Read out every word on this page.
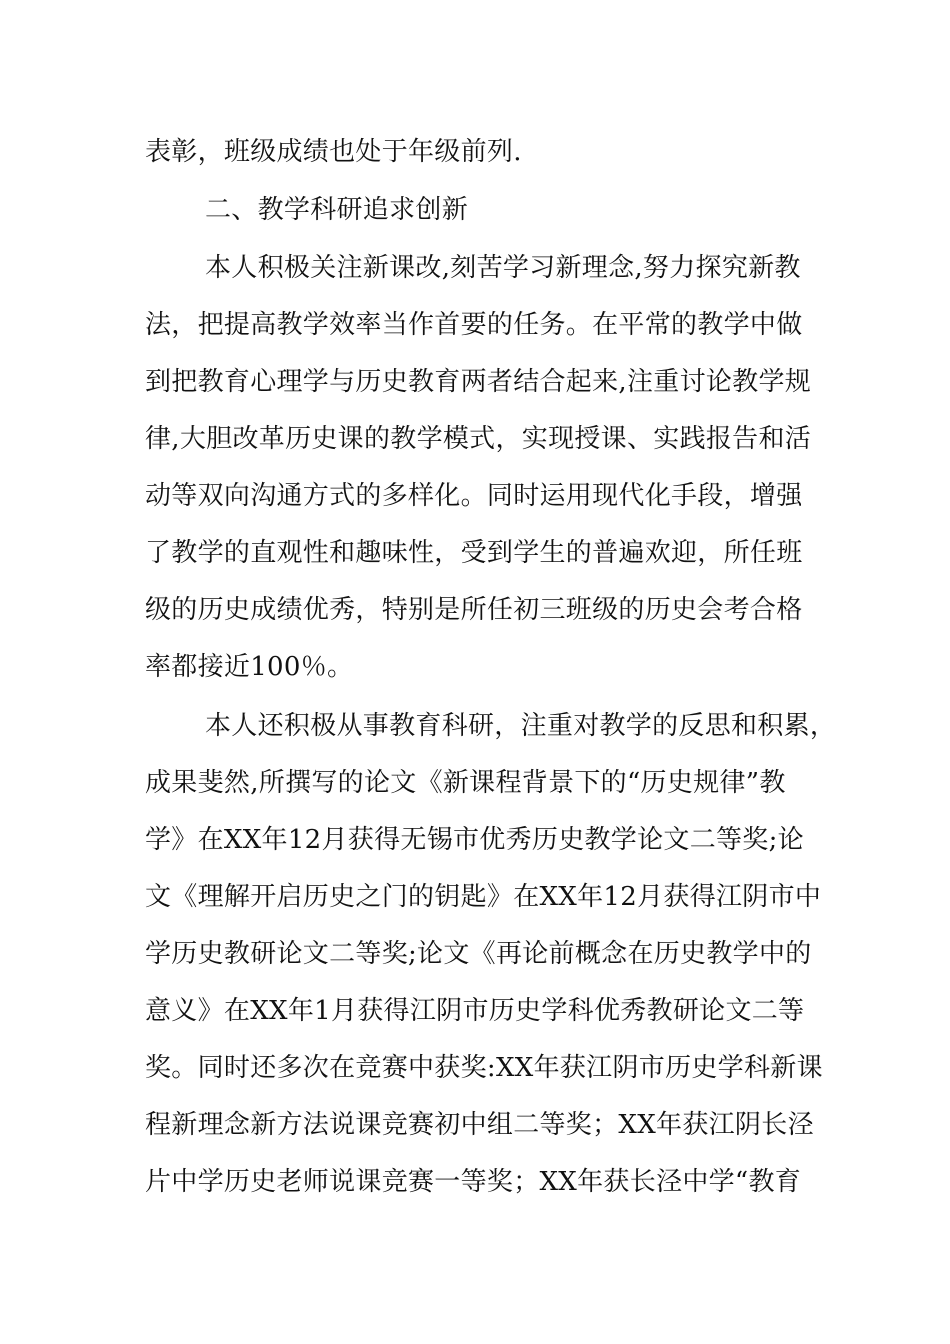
表彰，班级成绩也处于年级前列.
二、教学科研追求创新
本人积极关注新课改,刻苦学习新理念,努力探究新教
法，把提高教学效率当作首要的任务。在平常的教学中做
到把教育心理学与历史教育两者结合起来,注重讨论教学规
律,大胆改革历史课的教学模式，实现授课、实践报告和活
动等双向沟通方式的多样化。同时运用现代化手段，增强
了教学的直观性和趣味性，受到学生的普遍欢迎，所任班
级的历史成绩优秀，特别是所任初三班级的历史会考合格
率都接近100％。
本人还积极从事教育科研，注重对教学的反思和积累，
成果斐然,所撰写的论文《新课程背景下的“历史规律”教
学》在XX年12月获得无锡市优秀历史教学论文二等奖;论
文《理解开启历史之门的钥匙》在XX年12月获得江阴市中
学历史教研论文二等奖;论文《再论前概念在历史教学中的
意义》在XX年1月获得江阴市历史学科优秀教研论文二等
奖。同时还多次在竞赛中获奖:XX年获江阴市历史学科新课
程新理念新方法说课竞赛初中组二等奖；XX年获江阴长泾
片中学历史老师说课竞赛一等奖；XX年获长泾中学“教育
